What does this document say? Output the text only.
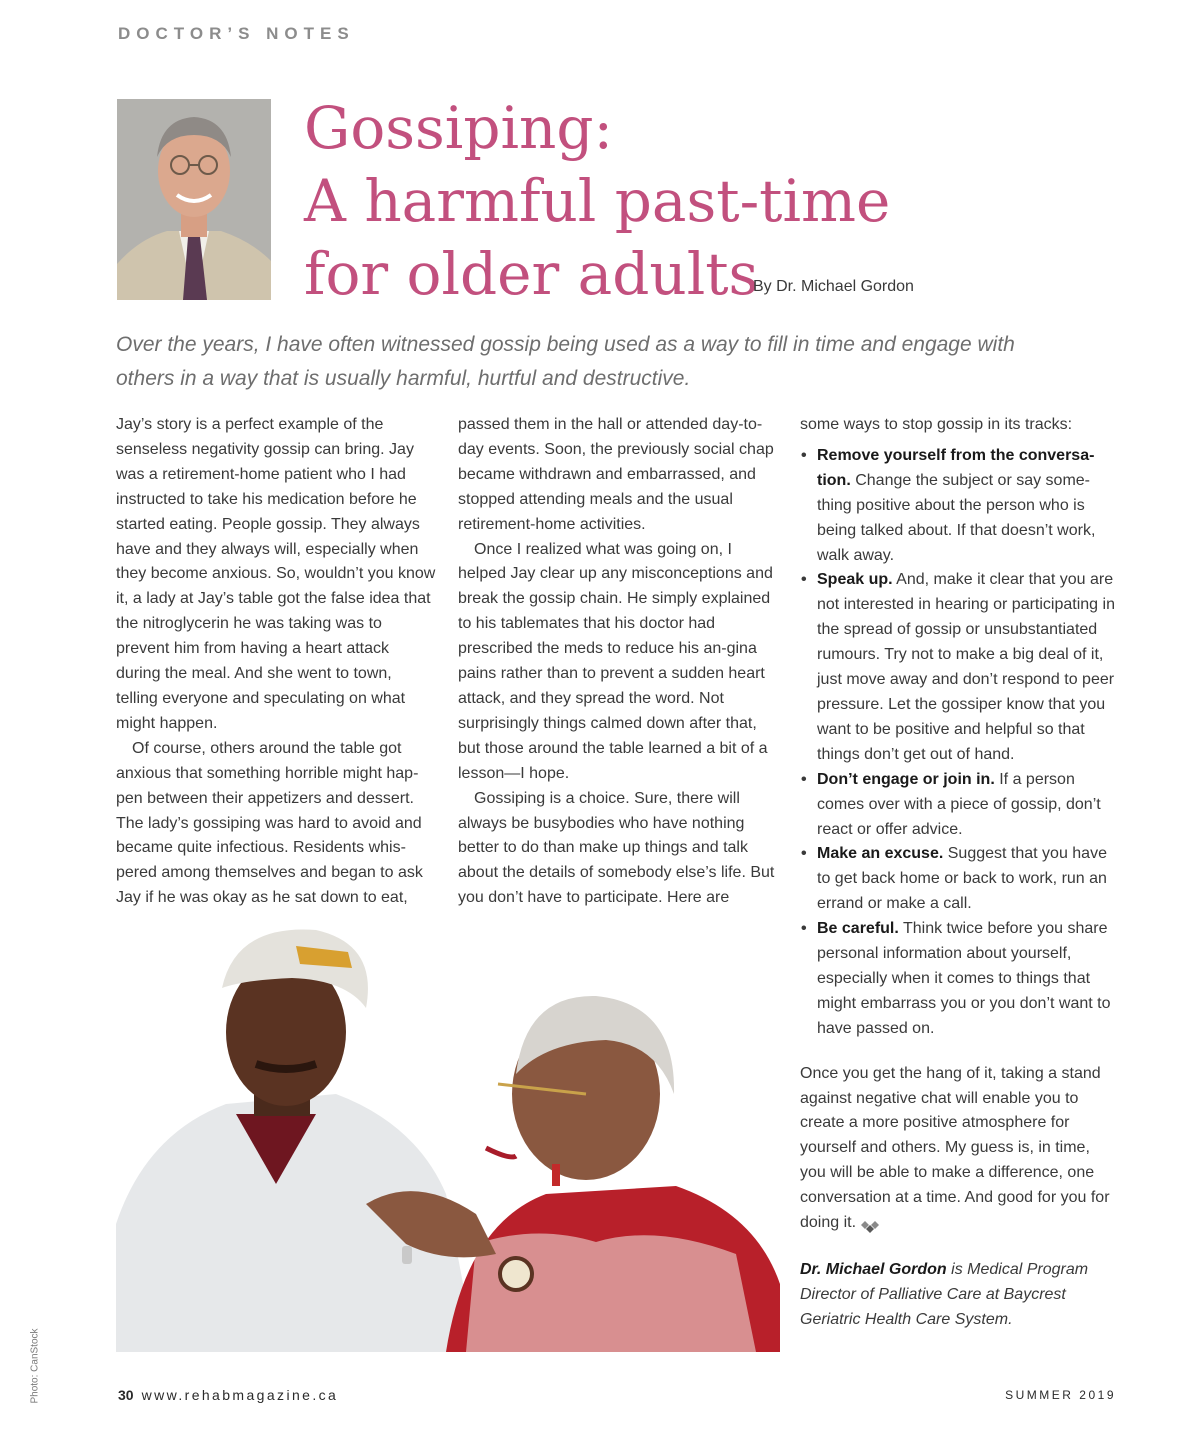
DOCTOR’S NOTES
Gossiping:
A harmful past-time
for older adults
By Dr. Michael Gordon

Over the years, I have often witnessed gossip being used as a way to fill in time and engage with others in a way that is usually harmful, hurtful and destructive.

Jay’s story is a perfect example of the senseless negativity gossip can bring. Jay was a retirement-home patient who I had instructed to take his medication before he started eating. People gossip. They always have and they always will, especially when they become anxious. So, wouldn’t you know it, a lady at Jay’s table got the false idea that the nitroglycerin he was taking was to prevent him from having a heart attack during the meal. And she went to town, telling everyone and speculating on what might happen.

Of course, others around the table got anxious that something horrible might hap-pen between their appetizers and dessert. The lady’s gossiping was hard to avoid and became quite infectious. Residents whis-pered among themselves and began to ask Jay if he was okay as he sat down to eat,

passed them in the hall or attended day-to-day events. Soon, the previously social chap became withdrawn and embarrassed, and stopped attending meals and the usual retirement-home activities.

Once I realized what was going on, I helped Jay clear up any misconceptions and break the gossip chain. He simply explained to his tablemates that his doctor had prescribed the meds to reduce his an-gina pains rather than to prevent a sudden heart attack, and they spread the word. Not surprisingly things calmed down after that, but those around the table learned a bit of a lesson—I hope.

Gossiping is a choice. Sure, there will always be busybodies who have nothing better to do than make up things and talk about the details of somebody else’s life. But you don’t have to participate. Here are

some ways to stop gossip in its tracks:

• Remove yourself from the conversa-tion. Change the subject or say some-thing positive about the person who is being talked about. If that doesn’t work, walk away.
• Speak up. And, make it clear that you are not interested in hearing or participating in the spread of gossip or unsubstantiated rumours. Try not to make a big deal of it, just move away and don’t respond to peer pressure. Let the gossiper know that you want to be positive and helpful so that things don’t get out of hand.
• Don’t engage or join in. If a person comes over with a piece of gossip, don’t react or offer advice.
• Make an excuse. Suggest that you have to get back home or back to work, run an errand or make a call.
• Be careful. Think twice before you share personal information about yourself, especially when it comes to things that might embarrass you or you don’t want to have passed on.

Once you get the hang of it, taking a stand against negative chat will enable you to create a more positive atmosphere for yourself and others. My guess is, in time, you will be able to make a difference, one conversation at a time. And good for you for doing it.

Dr. Michael Gordon is Medical Program Director of Palliative Care at Baycrest Geriatric Health Care System.

Photo: CanStock	30 www.rehabmagazine.ca	SUMMER 2019
